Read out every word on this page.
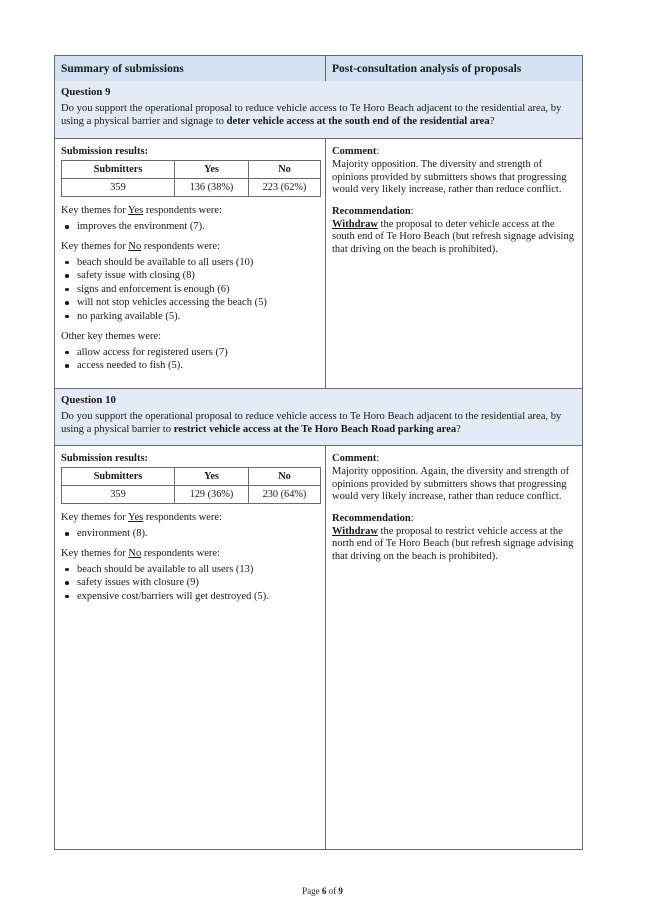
Summary of submissions	Post-consultation analysis of proposals
Question 9
Do you support the operational proposal to reduce vehicle access to Te Horo Beach adjacent to the residential area, by using a physical barrier and signage to deter vehicle access at the south end of the residential area?
Submission results:
Submitters	Yes	No
359	136 (38%)	223 (62%)
Key themes for Yes respondents were:
improves the environment (7).
Key themes for No respondents were:
beach should be available to all users (10)
safety issue with closing (8)
signs and enforcement is enough (6)
will not stop vehicles accessing the beach (5)
no parking available (5).
Other key themes were:
allow access for registered users (7)
access needed to fish (5).
Comment:
Majority opposition. The diversity and strength of opinions provided by submitters shows that progressing would very likely increase, rather than reduce conflict.
Recommendation:
Withdraw the proposal to deter vehicle access at the south end of Te Horo Beach (but refresh signage advising that driving on the beach is prohibited).
Question 10
Do you support the operational proposal to reduce vehicle access to Te Horo Beach adjacent to the residential area, by using a physical barrier to restrict vehicle access at the Te Horo Beach Road parking area?
Submission results:
Submitters	Yes	No
359	129 (36%)	230 (64%)
Key themes for Yes respondents were:
environment (8).
Key themes for No respondents were:
beach should be available to all users (13)
safety issues with closure (9)
expensive cost/barriers will get destroyed (5).
Comment:
Majority opposition. Again, the diversity and strength of opinions provided by submitters shows that progressing would very likely increase, rather than reduce conflict.
Recommendation:
Withdraw the proposal to restrict vehicle access at the north end of Te Horo Beach (but refresh signage advising that driving on the beach is prohibited).
Page 6 of 9
